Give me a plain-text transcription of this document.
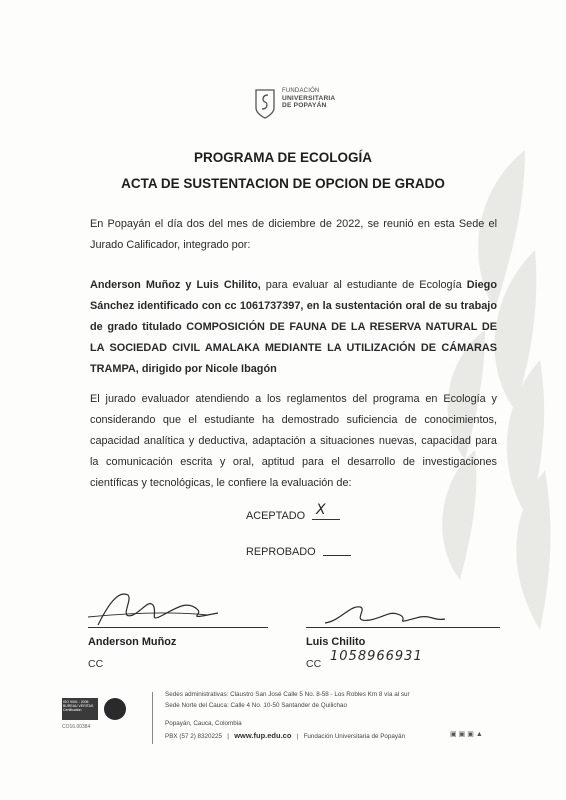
FUNDACIÓN
UNIVERSITARIA
DE POPAYÁN
PROGRAMA DE ECOLOGÍA
ACTA DE SUSTENTACION DE OPCION DE GRADO
En Popayán el día dos del mes de diciembre de 2022, se reunió en esta Sede el Jurado Calificador, integrado por:
Anderson Muñoz y Luis Chilito, para evaluar al estudiante de Ecología Diego Sánchez identificado con cc 1061737397, en la sustentación oral de su trabajo de grado titulado COMPOSICIÓN DE FAUNA DE LA RESERVA NATURAL DE LA SOCIEDAD CIVIL AMALAKA MEDIANTE LA UTILIZACIÓN DE CÁMARAS TRAMPA, dirigido por Nicole Ibagón
El jurado evaluador atendiendo a los reglamentos del programa en Ecología y considerando que el estudiante ha demostrado suficiencia de conocimientos, capacidad analítica y deductiva, adaptación a situaciones nuevas, capacidad para la comunicación escrita y oral, aptitud para el desarrollo de investigaciones científicas y tecnológicas, le confiere la evaluación de:
ACEPTADO X
REPROBADO
Anderson Muñoz	Luis Chilito
CC	CC 1058966931
ISO 9001 : 2008 BUREAU VERITAS Certification
CO16.00384
Sedes administrativas: Claustro San José Calle 5 No. 8-58 - Los Robles Km 8 vía al sur
Sede Norte del Cauca: Calle 4 No. 10-50 Santander de Quilichao
Popayán, Cauca, Colombia
PBX (57 2) 8320225   |   www.fup.edu.co   |   Fundación Universitaria de Popayán	▣▣▣▲
